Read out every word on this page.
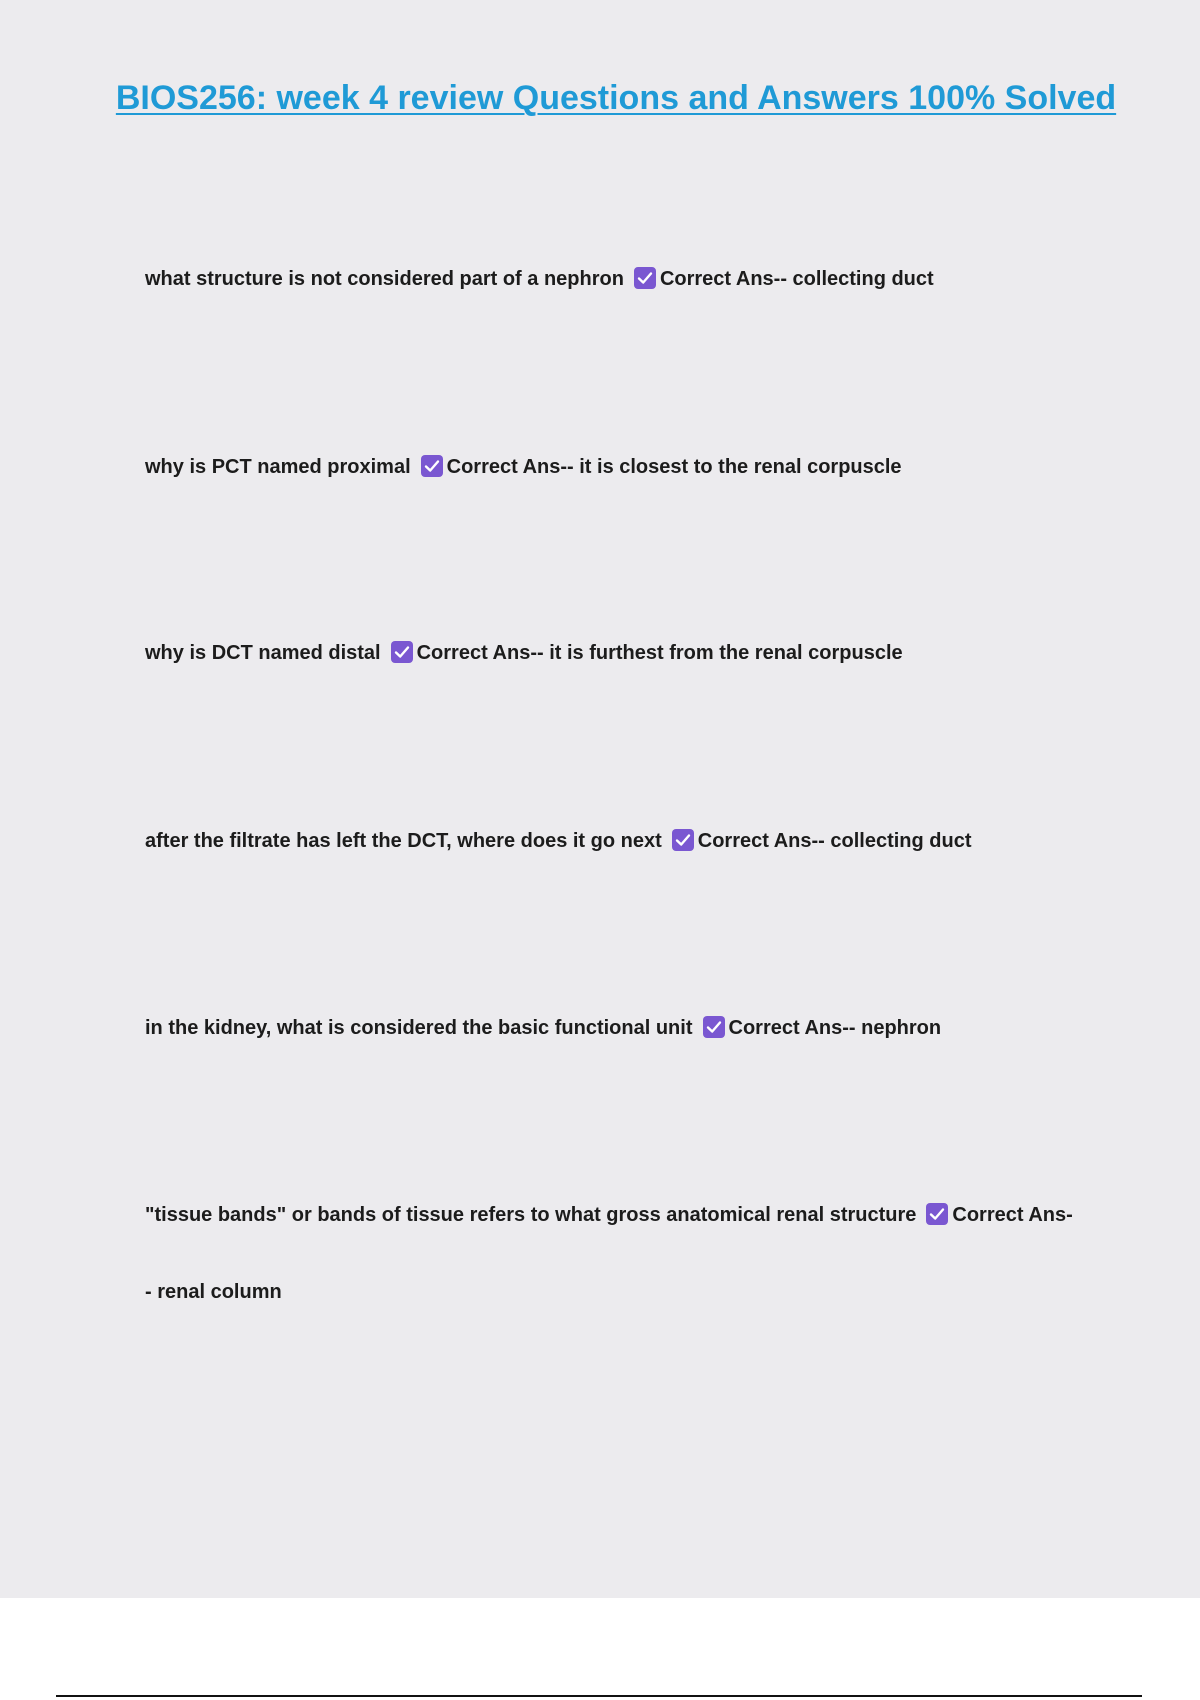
BIOS256: week 4 review Questions and Answers 100% Solved

what structure is not considered part of a nephron Correct Ans-- collecting duct

why is PCT named proximal Correct Ans-- it is closest to the renal corpuscle

why is DCT named distal Correct Ans-- it is furthest from the renal corpuscle

after the filtrate has left the DCT, where does it go next Correct Ans-- collecting duct

in the kidney, what is considered the basic functional unit Correct Ans-- nephron

"tissue bands" or bands of tissue refers to what gross anatomical renal structure Correct Ans-- renal column
